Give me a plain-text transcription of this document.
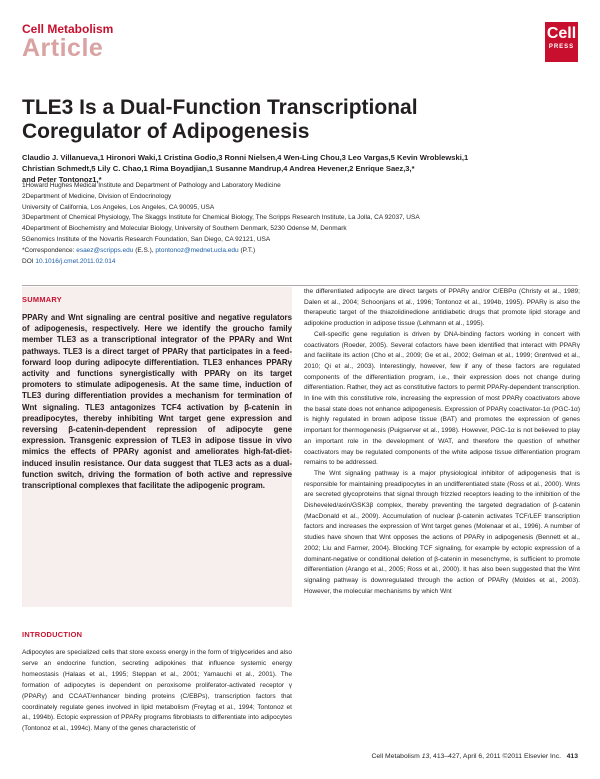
Cell Metabolism
Article
Cell
PRESS
TLE3 Is a Dual-Function Transcriptional
Coregulator of Adipogenesis
Claudio J. Villanueva,1 Hironori Waki,1 Cristina Godio,3 Ronni Nielsen,4 Wen-Ling Chou,3 Leo Vargas,5 Kevin Wroblewski,1
Christian Schmedt,5 Lily C. Chao,1 Rima Boyadjian,1 Susanne Mandrup,4 Andrea Hevener,2 Enrique Saez,3,*
and Peter Tontonoz1,*
1Howard Hughes Medical Institute and Department of Pathology and Laboratory Medicine
2Department of Medicine, Division of Endocrinology
University of California, Los Angeles, Los Angeles, CA 90095, USA
3Department of Chemical Physiology, The Skaggs Institute for Chemical Biology, The Scripps Research Institute, La Jolla, CA 92037, USA
4Department of Biochemistry and Molecular Biology, University of Southern Denmark, 5230 Odense M, Denmark
5Genomics Institute of the Novartis Research Foundation, San Diego, CA 92121, USA
*Correspondence: esaez@scripps.edu (E.S.), ptontonoz@mednet.ucla.edu (P.T.)
DOI 10.1016/j.cmet.2011.02.014
SUMMARY
PPARγ and Wnt signaling are central positive and negative regulators of adipogenesis, respectively. Here we identify the groucho family member TLE3 as a transcriptional integrator of the PPARγ and Wnt pathways. TLE3 is a direct target of PPARγ that participates in a feed-forward loop during adipocyte differentiation. TLE3 enhances PPARγ activity and functions synergistically with PPARγ on its target promoters to stimulate adipogenesis. At the same time, induction of TLE3 during differentiation provides a mechanism for termination of Wnt signaling. TLE3 antagonizes TCF4 activation by β-catenin in preadipocytes, thereby inhibiting Wnt target gene expression and reversing β-catenin-dependent repression of adipocyte gene expression. Transgenic expression of TLE3 in adipose tissue in vivo mimics the effects of PPARγ agonist and ameliorates high-fat-diet-induced insulin resistance. Our data suggest that TLE3 acts as a dual-function switch, driving the formation of both active and repressive transcriptional complexes that facilitate the adipogenic program.
INTRODUCTION
Adipocytes are specialized cells that store excess energy in the form of triglycerides and also serve an endocrine function, secreting adipokines that influence systemic energy homeostasis (Halaas et al., 1995; Steppan et al., 2001; Yamauchi et al., 2001). The formation of adipocytes is dependent on peroxisome proliferator-activated receptor γ (PPARγ) and CCAAT/enhancer binding proteins (C/EBPs), transcription factors that coordinately regulate genes involved in lipid metabolism (Freytag et al., 1994; Tontonoz et al., 1994b). Ectopic expression of PPARγ programs fibroblasts to differentiate into adipocytes (Tontonoz et al., 1994c). Many of the genes characteristic of

the differentiated adipocyte are direct targets of PPARγ and/or C/EBPα (Christy et al., 1989; Dalen et al., 2004; Schoonjans et al., 1996; Tontonoz et al., 1994b, 1995). PPARγ is also the therapeutic target of the thiazolidinedione antidiabetic drugs that promote lipid storage and adipokine production in adipose tissue (Lehmann et al., 1995).

Cell-specific gene regulation is driven by DNA-binding factors working in concert with coactivators (Roeder, 2005). Several cofactors have been identified that interact with PPARγ and facilitate its action (Cho et al., 2009; Ge et al., 2002; Gelman et al., 1999; Grøntved et al., 2010; Qi et al., 2003). Interestingly, however, few if any of these factors are regulated components of the differentiation program, i.e., their expression does not change during differentiation. Rather, they act as constitutive factors to permit PPARγ-dependent transcription. In line with this constitutive role, increasing the expression of most PPARγ coactivators above the basal state does not enhance adipogenesis. Expression of PPARγ coactivator-1α (PGC-1α) is highly regulated in brown adipose tissue (BAT) and promotes the expression of genes important for thermogenesis (Puigserver et al., 1998). However, PGC-1α is not believed to play an important role in the development of WAT, and therefore the question of whether coactivators may be regulated components of the white adipose tissue differentiation program remains to be addressed.

The Wnt signaling pathway is a major physiological inhibitor of adipogenesis that is responsible for maintaining preadipocytes in an undifferentiated state (Ross et al., 2000). Wnts are secreted glycoproteins that signal through frizzled receptors leading to the inhibition of the Disheveled/axin/GSK3β complex, thereby preventing the targeted degradation of β-catenin (MacDonald et al., 2009). Accumulation of nuclear β-catenin activates TCF/LEF transcription factors and increases the expression of Wnt target genes (Molenaar et al., 1996). A number of studies have shown that Wnt opposes the actions of PPARγ in adipogenesis (Bennett et al., 2002; Liu and Farmer, 2004). Blocking TCF signaling, for example by ectopic expression of a dominant-negative or conditional deletion of β-catenin in mesenchyme, is sufficient to promote differentiation (Arango et al., 2005; Ross et al., 2000). It has also been suggested that the Wnt signaling pathway is downregulated through the action of PPARγ (Moldes et al., 2003). However, the molecular mechanisms by which Wnt

Cell Metabolism 13, 413–427, April 6, 2011 ©2011 Elsevier Inc. 413
